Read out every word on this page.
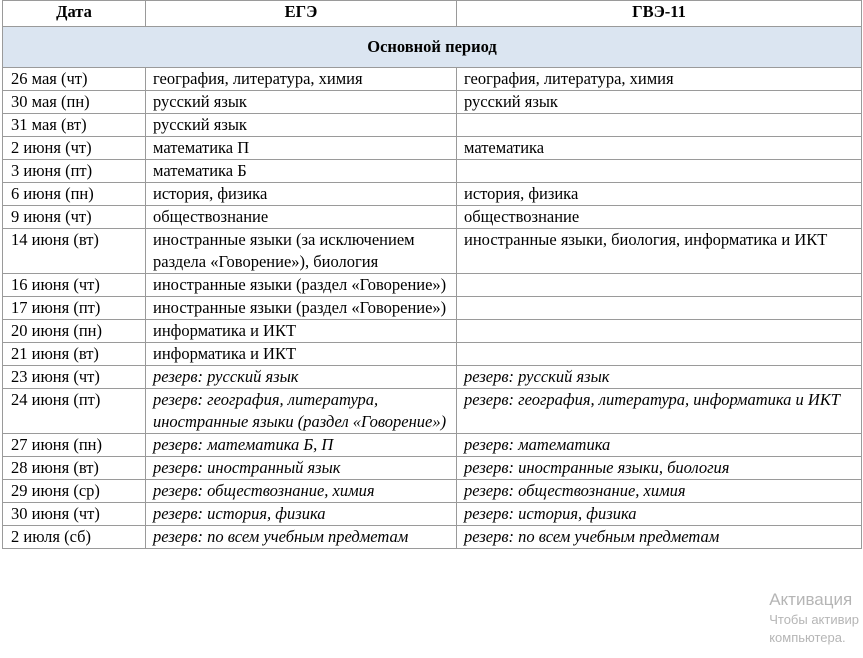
Дата	ЕГЭ	ГВЭ-11
Основной период		
26 мая (чт)	география, литература, химия	география, литература, химия
30 мая (пн)	русский язык	русский язык
31 мая (вт)	русский язык	
2 июня (чт)	математика П	математика
3 июня (пт)	математика Б	
6 июня (пн)	история, физика	история, физика
9 июня (чт)	обществознание	обществознание
14 июня (вт)	иностранные языки (за исключением раздела «Говорение»), биология	иностранные языки, биология, информатика и ИКТ
16 июня (чт)	иностранные языки (раздел «Говорение»)	
17 июня (пт)	иностранные языки (раздел «Говорение»)	
20 июня (пн)	информатика и ИКТ	
21 июня (вт)	информатика и ИКТ	
23 июня (чт)	резерв: русский язык	резерв: русский язык
24 июня (пт)	резерв: география, литература, иностранные языки (раздел «Говорение»)	резерв: география, литература, информатика и ИКТ
27 июня (пн)	резерв: математика Б, П	резерв: математика
28 июня (вт)	резерв: иностранный язык	резерв: иностранные языки, биология
29 июня (ср)	резерв: обществознание, химия	резерв: обществознание, химия
30 июня (чт)	резерв: история, физика	резерв: история, физика
2 июля (сб)	резерв: по всем учебным предметам	резерв: по всем учебным предметам
Активация
Чтобы активир
компьютера.
